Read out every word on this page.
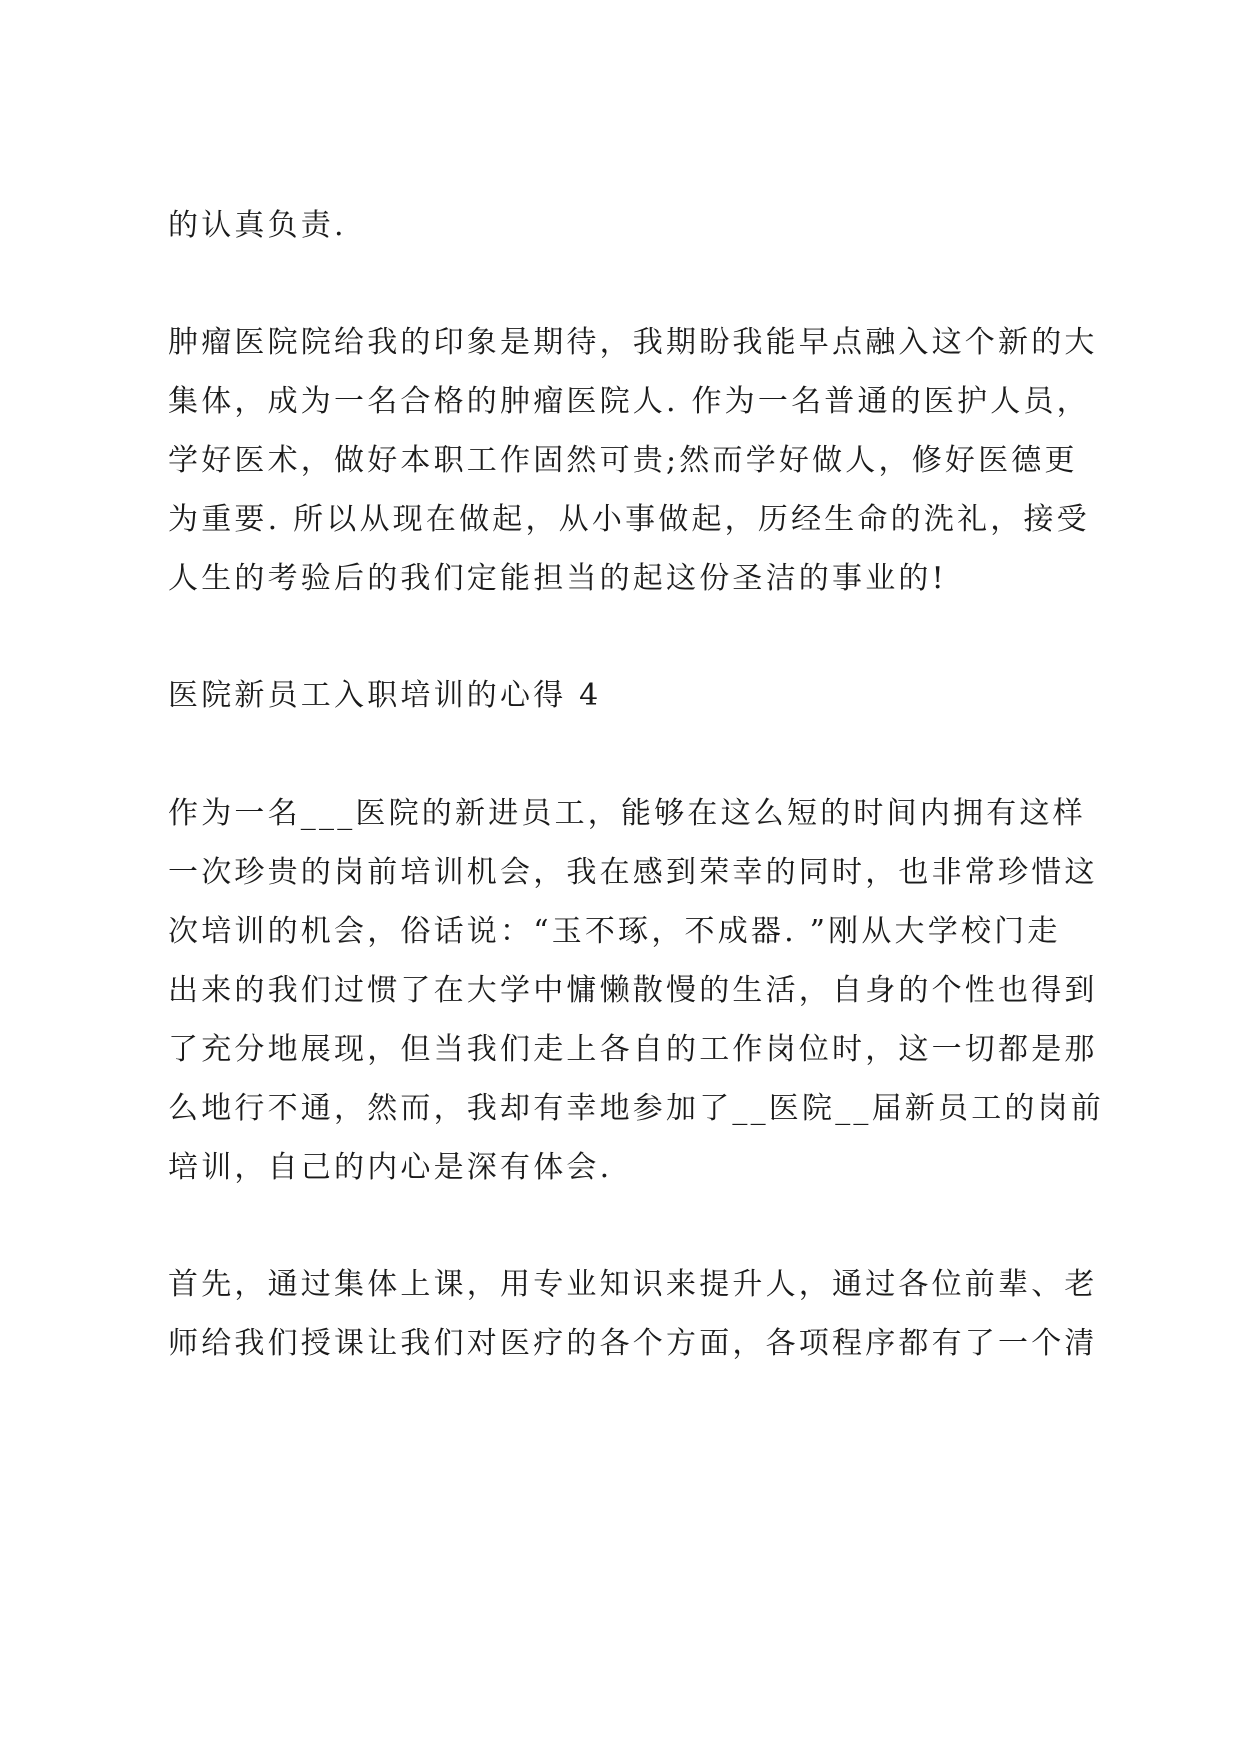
的认真负责.
肿瘤医院院给我的印象是期待，我期盼我能早点融入这个新的大
集体，成为一名合格的肿瘤医院人. 作为一名普通的医护人员，
学好医术，做好本职工作固然可贵;然而学好做人，修好医德更
为重要. 所以从现在做起，从小事做起，历经生命的洗礼，接受
人生的考验后的我们定能担当的起这份圣洁的事业的!
医院新员工入职培训的心得 4
作为一名___医院的新进员工，能够在这么短的时间内拥有这样
一次珍贵的岗前培训机会，我在感到荣幸的同时，也非常珍惜这
次培训的机会，俗话说：“玉不琢，不成器. ”刚从大学校门走
出来的我们过惯了在大学中慵懒散慢的生活，自身的个性也得到
了充分地展现，但当我们走上各自的工作岗位时，这一切都是那
么地行不通，然而，我却有幸地参加了__医院__届新员工的岗前
培训，自己的内心是深有体会.
首先，通过集体上课，用专业知识来提升人，通过各位前辈、老
师给我们授课让我们对医疗的各个方面，各项程序都有了一个清
